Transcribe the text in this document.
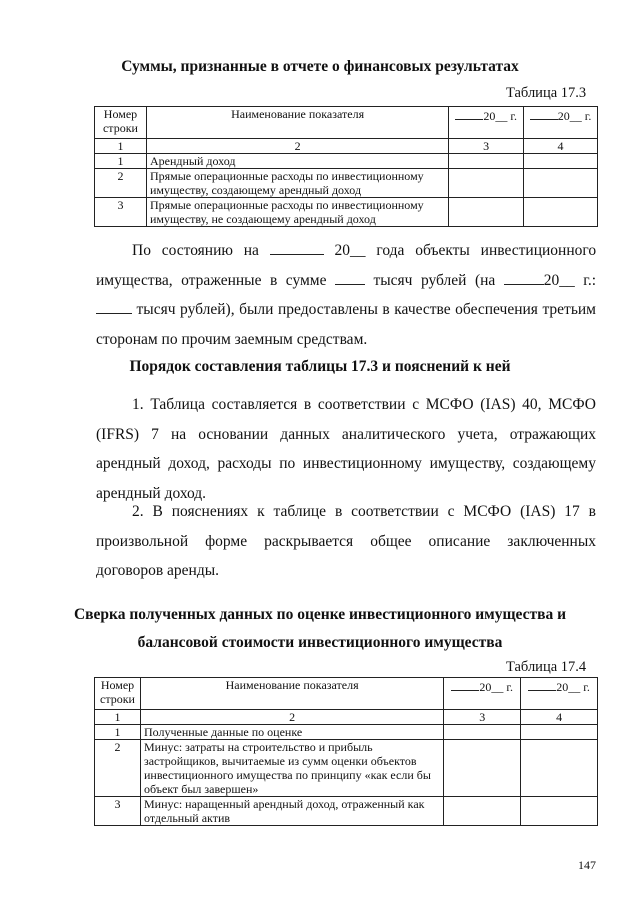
Суммы, признанные в отчете о финансовых результатах
Таблица 17.3
Номер строки	Наименование показателя	20__ г.	20__ г.
1	2	3	4
1	Арендный доход		
2	Прямые операционные расходы по инвестиционному имуществу, создающему арендный доход		
3	Прямые операционные расходы по инвестиционному имуществу, не создающему арендный доход		
По состоянию на	20__ года объекты инвестиционного
имущества, отраженные в сумме	тысяч рублей (на	20__ г.:
тысяч рублей), были предоставлены в качестве обеспечения третьим
сторонам по прочим заемным средствам.
Порядок составления таблицы 17.3 и пояснений к ней
1. Таблица составляется в соответствии с МСФО (IAS) 40, МСФО (IFRS) 7 на основании данных аналитического учета, отражающих арендный доход, расходы по инвестиционному имуществу, создающему арендный доход.
2. В пояснениях к таблице в соответствии с МСФО (IAS) 17 в произвольной форме раскрывается общее описание заключенных договоров аренды.
Сверка полученных данных по оценке инвестиционного имущества и
балансовой стоимости инвестиционного имущества
Таблица 17.4
Номер строки	Наименование показателя	20__ г.	20__ г.
1	2	3	4
1	Полученные данные по оценке		
2	Минус: затраты на строительство и прибыль застройщиков, вычитаемые из сумм оценки объектов инвестиционного имущества по принципу «как если бы объект был завершен»		
3	Минус: наращенный арендный доход, отраженный как отдельный актив		
147
